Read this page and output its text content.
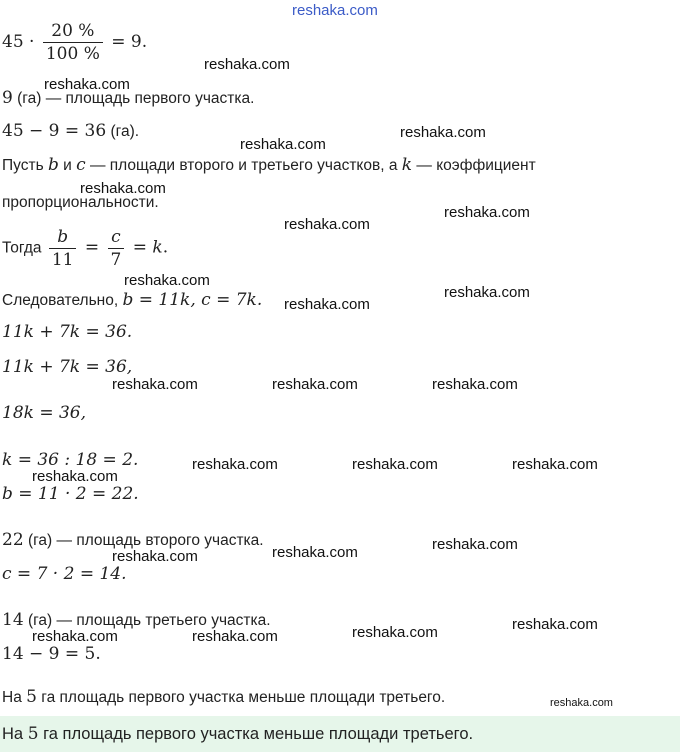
reshaka.com
reshaka.com
reshaka.com
reshaka.com
reshaka.com
reshaka.com
reshaka.com
reshaka.com
reshaka.com
reshaka.com
reshaka.com
reshaka.com	reshaka.com	reshaka.com
reshaka.com
reshaka.com	reshaka.com	reshaka.com
reshaka.com	reshaka.com	reshaka.com
reshaka.com	reshaka.com	reshaka.com	reshaka.com
reshaka.com
$45 \cdot \frac{20 \%}{100 \%} = 9$.
9 (га) — площадь первого участка.
45 − 9 = 36 (га).
Пусть b и c — площади второго и третьего участков, а k — коэффициент
пропорциональности.
Тогда $\frac{b}{11} = \frac{c}{7} = k$.
Следовательно, b = 11k, c = 7k.
11k + 7k = 36.
11k + 7k = 36,
18k = 36,
k = 36 : 18 = 2.
b = 11 · 2 = 22.
22 (га) — площадь второго участка.
c = 7 · 2 = 14.
14 (га) — площадь третьего участка.
14 − 9 = 5.
На 5 га площадь первого участка меньше площади третьего.
На 5 га площадь первого участка меньше площади третьего.
